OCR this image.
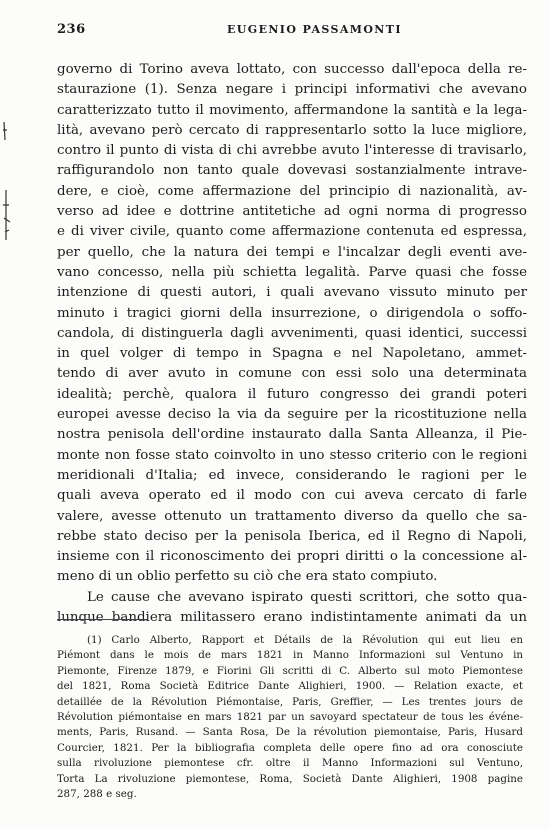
236	EUGENIO PASSAMONTI
governo di Torino aveva lottato, con successo dall'epoca della re-
staurazione (1). Senza negare i principi informativi che avevano
caratterizzato tutto il movimento, affermandone la santità e la lega-
lità, avevano però cercato di rappresentarlo sotto la luce migliore,
contro il punto di vista di chi avrebbe avuto l'interesse di travisarlo,
raffigurandolo non tanto quale dovevasi sostanzialmente intrave-
dere, e cioè, come affermazione del principio di nazionalità, av-
verso ad idee e dottrine antitetiche ad ogni norma di progresso
e di viver civile, quanto come affermazione contenuta ed espressa,
per quello, che la natura dei tempi e l'incalzar degli eventi ave-
vano concesso, nella più schietta legalità. Parve quasi che fosse
intenzione di questi autori, i quali avevano vissuto minuto per
minuto i tragici giorni della insurrezione, o dirigendola o soffo-
candola, di distinguerla dagli avvenimenti, quasi identici, successi
in quel volger di tempo in Spagna e nel Napoletano, ammet-
tendo di aver avuto in comune con essi solo una determinata
idealità; perchè, qualora il futuro congresso dei grandi poteri
europei avesse deciso la via da seguire per la ricostituzione nella
nostra penisola dell'ordine instaurato dalla Santa Alleanza, il Pie-
monte non fosse stato coinvolto in uno stesso criterio con le regioni
meridionali d'Italia; ed invece, considerando le ragioni per le
quali aveva operato ed il modo con cui aveva cercato di farle
valere, avesse ottenuto un trattamento diverso da quello che sa-
rebbe stato deciso per la penisola Iberica, ed il Regno di Napoli,
insieme con il riconoscimento dei propri diritti o la concessione al-
meno di un oblio perfetto su ciò che era stato compiuto.
Le cause che avevano ispirato questi scrittori, che sotto qua-
lunque bandiera militassero erano indistintamente animati da un
(1) Carlo Alberto, Rapport et Détails de la Révolution qui eut lieu en
Piémont dans le mois de mars 1821 in Manno Informazioni sul Ventuno in
Piemonte, Firenze 1879, e Fiorini Gli scritti di C. Alberto sul moto Piemontese
del 1821, Roma Società Editrice Dante Alighieri, 1900. — Relation exacte, et
detaillée de la Révolution Piémontaise, Paris, Greffier, — Les trentes jours de
Révolution piémontaise en mars 1821 par un savoyard spectateur de tous les événe-
ments, Paris, Rusand. — Santa Rosa, De la révolution piemontaise, Paris, Husard
Courcier, 1821. Per la bibliografia completa delle opere fino ad ora conosciute
sulla rivoluzione piemontese cfr. oltre il Manno Informazioni sul Ventuno,
Torta La rivoluzione piemontese, Roma, Società Dante Alighieri, 1908 pagine
287, 288 e seg.
